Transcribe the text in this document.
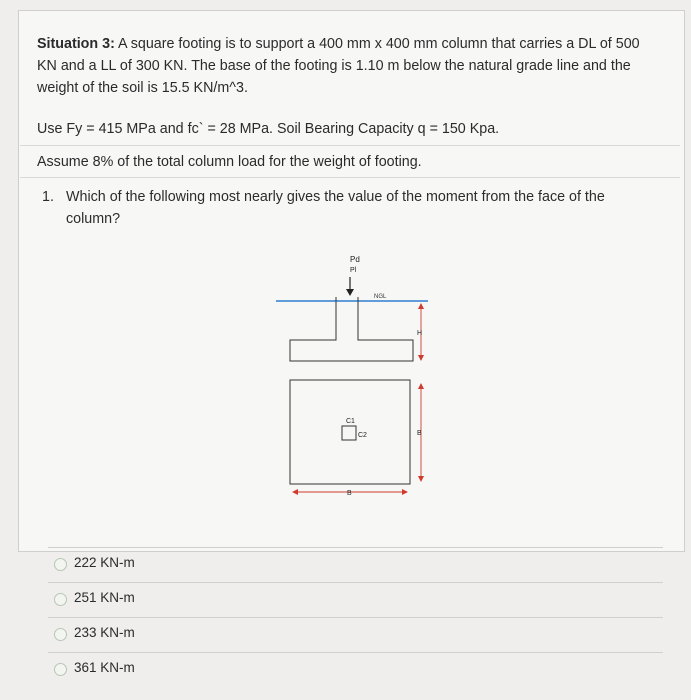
Situation 3: A square footing is to support a 400 mm x 400 mm column that carries a DL of 500 KN and a LL of 300 KN. The base of the footing is 1.10 m below the natural grade line and the weight of the soil is 15.5 KN/m^3.
Use Fy = 415 MPa and fc` = 28 MPa. Soil Bearing Capacity q = 150 Kpa.
Assume 8% of the total column load for the weight of footing.
1. Which of the following most nearly gives the value of the moment from the face of the column?
Pd
Pl
NGL
H
C1
C2	B
B
222 KN-m
251 KN-m
233 KN-m
361 KN-m
